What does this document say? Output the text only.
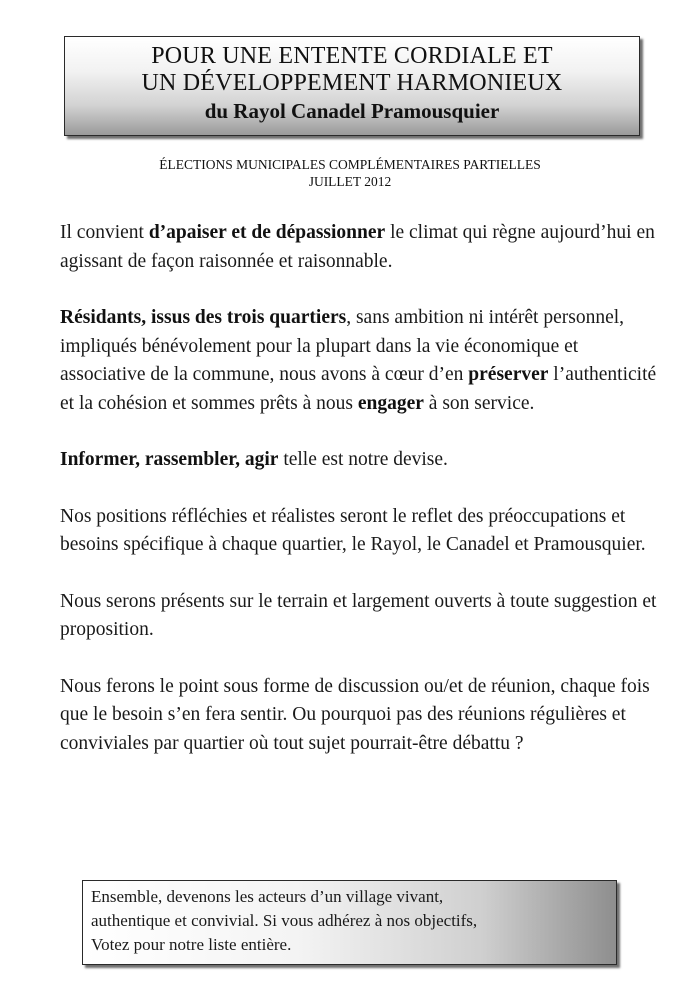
POUR UNE ENTENTE CORDIALE ET
UN DÉVELOPPEMENT HARMONIEUX
du Rayol Canadel Pramousquier
ÉLECTIONS MUNICIPALES COMPLÉMENTAIRES PARTIELLES
JUILLET 2012

Il convient d’apaiser et de dépassionner le climat qui règne aujourd’hui en agissant de façon raisonnée et raisonnable.

Résidants, issus des trois quartiers, sans ambition ni intérêt personnel, impliqués bénévolement pour la plupart dans la vie économique et associative de la commune, nous avons à cœur d’en préserver l’authenticité et la cohésion et sommes prêts à nous engager à son service.

Informer, rassembler, agir telle est notre devise.

Nos positions réfléchies et réalistes seront le reflet des préoccupations et besoins spécifique à chaque quartier, le Rayol, le Canadel et Pramousquier.

Nous serons présents sur le terrain et largement ouverts à toute suggestion et proposition.

Nous ferons le point sous forme de discussion ou/et de réunion, chaque fois que le besoin s’en fera sentir. Ou pourquoi pas des réunions régulières et conviviales par quartier où tout sujet pourrait-être débattu ?

Ensemble, devenons les acteurs d’un village vivant,
authentique et convivial. Si vous adhérez à nos objectifs,
Votez pour notre liste entière.
